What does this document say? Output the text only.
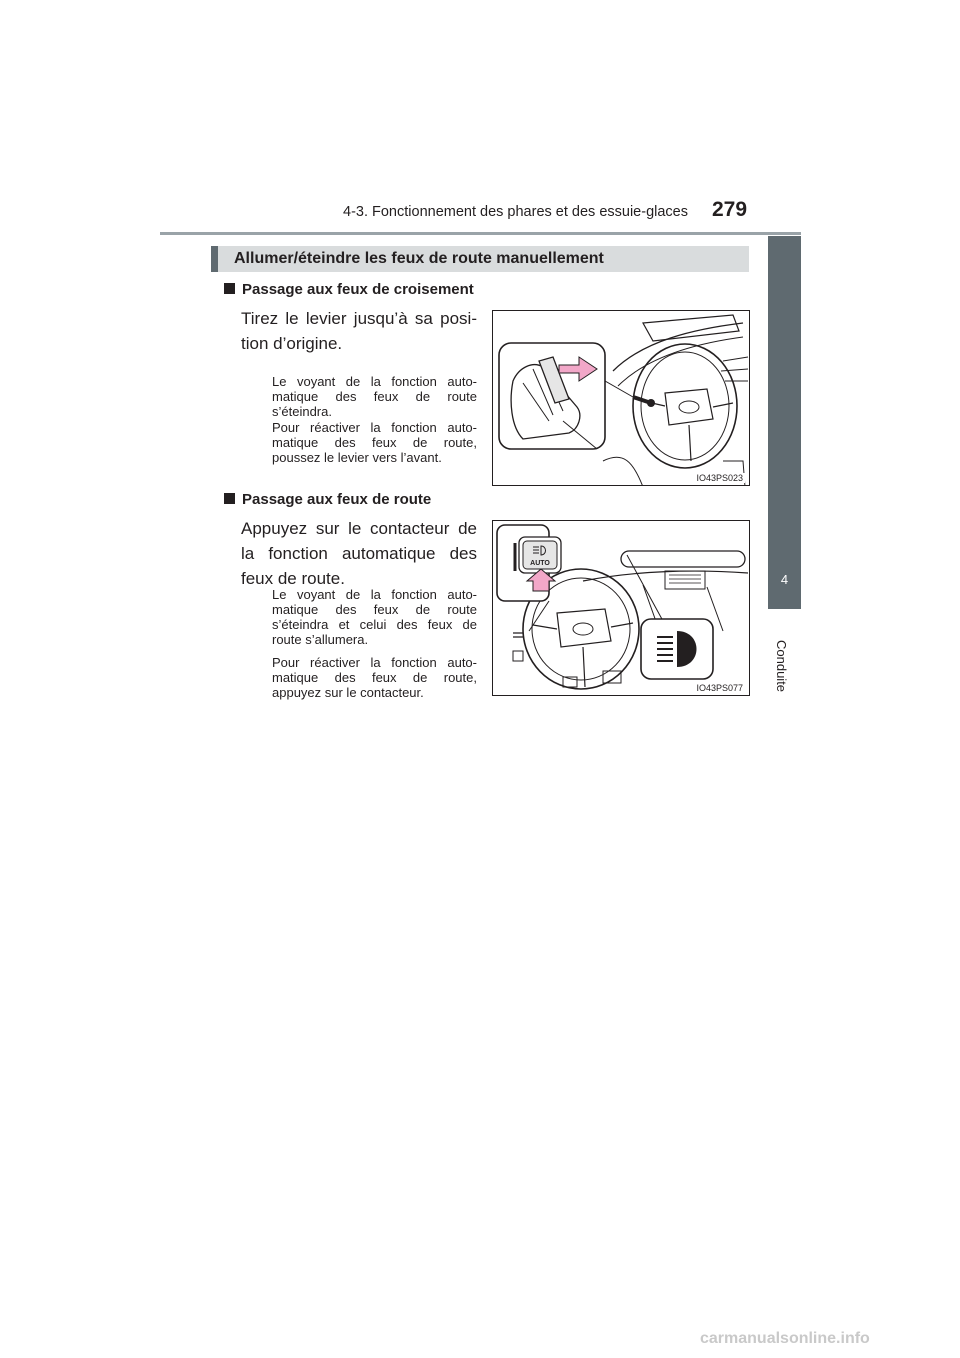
4-3. Fonctionnement des phares et des essuie-glaces 279
4
Conduite
Allumer/éteindre les feux de route manuellement
Passage aux feux de croisement
Tirez le levier jusqu’à sa posi-tion d’origine.
Le voyant de la fonction auto-matique des feux de route s’éteindra.
Pour réactiver la fonction auto-matique des feux de route, poussez le levier vers l’avant.
IO43PS023
Passage aux feux de route
Appuyez sur le contacteur de la fonction automatique des feux de route.
Le voyant de la fonction auto-matique des feux de route s’éteindra et celui des feux de route s’allumera.
Pour réactiver la fonction auto-matique des feux de route, appuyez sur le contacteur.
AUTO
IO43PS077
carmanualsonline.info
